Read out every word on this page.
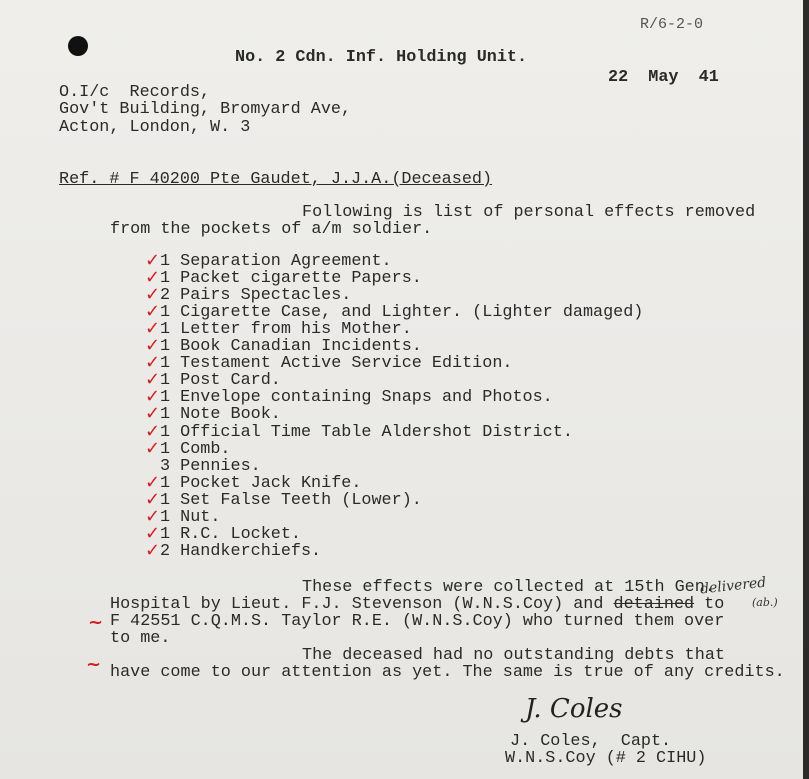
R/6-2-0
No. 2 Cdn. Inf. Holding Unit.
22  May  41
O.I/c  Records,
Gov't Building, Bromyard Ave,
Acton, London, W. 3
Ref. # F 40200 Pte Gaudet, J.J.A.(Deceased)
Following is list of personal effects removed
from the pockets of a/m soldier.
✓ 1 Separation Agreement.
✓ 1 Packet cigarette Papers.
✓ 2 Pairs Spectacles.
✓ 1 Cigarette Case, and Lighter. (Lighter damaged)
✓ 1 Letter from his Mother.
✓ 1 Book Canadian Incidents.
✓ 1 Testament Active Service Edition.
✓ 1 Post Card.
✓ 1 Envelope containing Snaps and Photos.
✓ 1 Note Book.
✓ 1 Official Time Table Aldershot District.
✓ 1 Comb.
3 Pennies.
✓ 1 Pocket Jack Knife.
✓ 1 Set False Teeth (Lower).
✓ 1 Nut.
✓ 1 R.C. Locket.
✓ 2 Handkerchiefs.
These effects were collected at 15th Gen.
delivered
Hospital by Lieut. F.J. Stevenson (W.N.S.Coy) and detained to	(ab.)
F 42551 C.Q.M.S. Taylor R.E. (W.N.S.Coy) who turned them over
~
to me.
The deceased had no outstanding debts that
~ have come to our attention as yet. The same is true of any credits.
J. Coles
J. Coles,  Capt.
W.N.S.Coy (# 2 CIHU)
